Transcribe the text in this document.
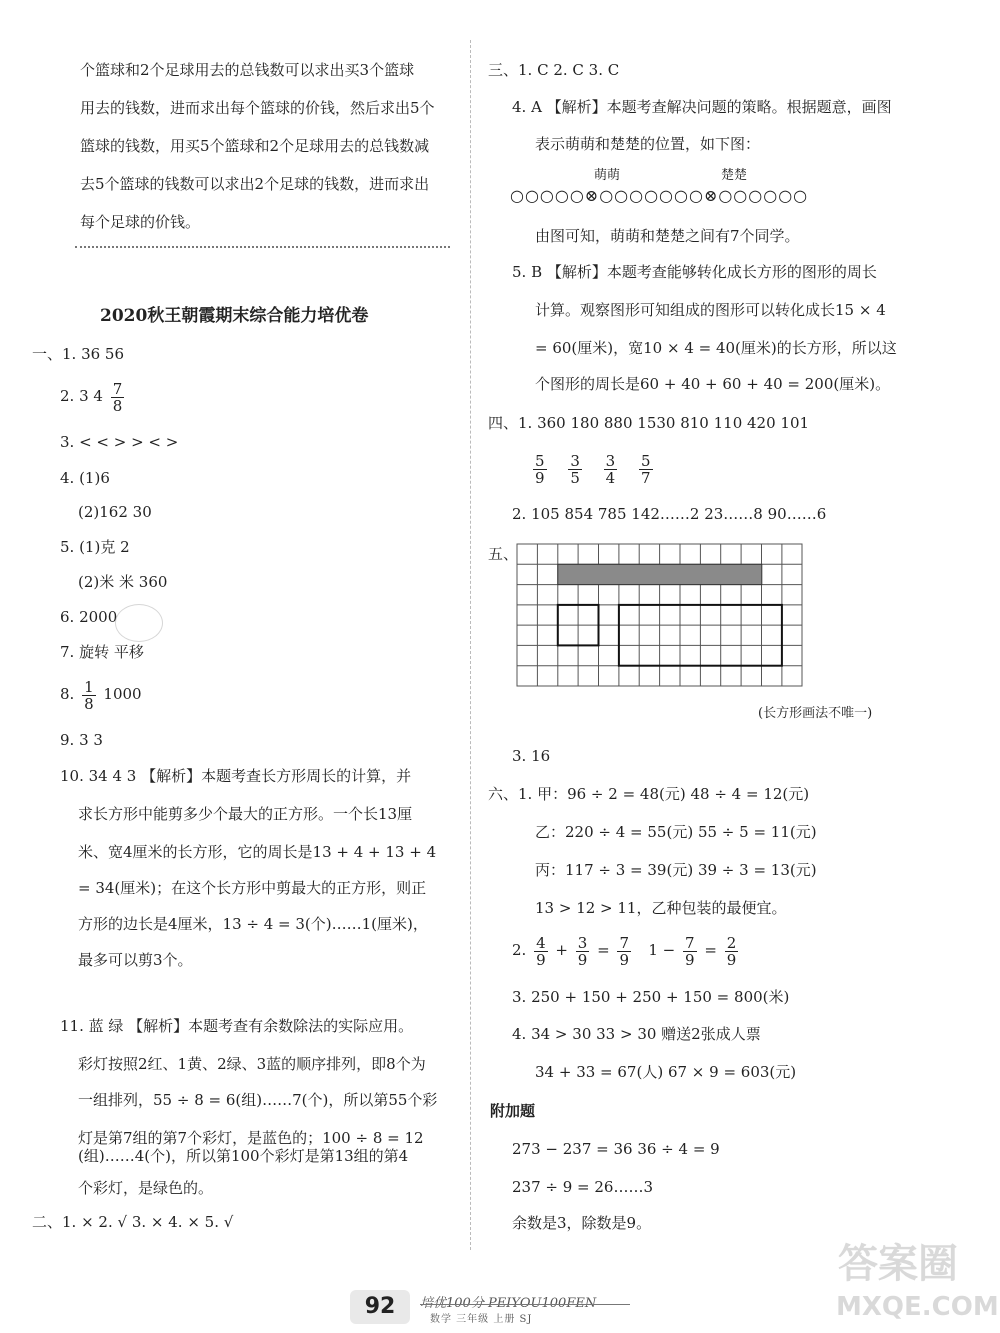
个篮球和2个足球用去的总钱数可以求出买3个篮球
用去的钱数，进而求出每个篮球的价钱，然后求出5个
篮球的钱数，用买5个篮球和2个足球用去的总钱数减
去5个篮球的钱数可以求出2个足球的钱数，进而求出
每个足球的价钱。
2020秋王朝霞期末综合能力培优卷
一、1. 36 56
2. 3 $4 \frac{7}{8}$
3. < < > > < >
4. (1)6
(2)162 30
5. (1)克 2
(2)米 米 360
6. 2000
7. 旋转 平移
8. $\frac{1}{8} 1000$
9. 3 3
10. 34 4 3 【解析】本题考查长方形周长的计算，并
求长方形中能剪多少个最大的正方形。一个长13厘
米、宽4厘米的长方形，它的周长是13 + 4 + 13 + 4
= 34(厘米)；在这个长方形中剪最大的正方形，则正
方形的边长是4厘米，13 ÷ 4 = 3(个)……1(厘米)，
最多可以剪3个。
11. 蓝 绿 【解析】本题考查有余数除法的实际应用。
彩灯按照2红、1黄、2绿、3蓝的顺序排列，即8个为
一组排列，55 ÷ 8 = 6(组)……7(个)，所以第55个彩
灯是第7组的第7个彩灯，是蓝色的；100 ÷ 8 = 12
(组)……4(个)，所以第100个彩灯是第13组的第4
个彩灯，是绿色的。
二、1. × 2. √ 3. × 4. × 5. √
三、1. C 2. C 3. C
4. A 【解析】本题考查解决问题的策略。根据题意，画图
表示萌萌和楚楚的位置，如下图：
萌萌	楚楚
○○○○○⊗○○○○○○○⊗○○○○○○
由图可知，萌萌和楚楚之间有7个同学。
5. B 【解析】本题考查能够转化成长方形的图形的周长
计算。观察图形可知组成的图形可以转化成长15 × 4
= 60(厘米)，宽10 × 4 = 40(厘米)的长方形，所以这
个图形的周长是60 + 40 + 60 + 40 = 200(厘米)。
四、1. 360 180 880 1530 810 110 420 101
$\frac{5}{9}$
$\frac{3}{5}$
$\frac{3}{4}$
$\frac{5}{7}$
2. 105 854 785 142……2 23……8 90……6
五、
(长方形画法不唯一)
3. 16
六、1. 甲：96 ÷ 2 = 48(元) 48 ÷ 4 = 12(元)
乙：220 ÷ 4 = 55(元) 55 ÷ 5 = 11(元)
丙：117 ÷ 3 = 39(元) 39 ÷ 3 = 13(元)
13 > 12 > 11，乙种包装的最便宜。
2. $\frac{4}{9} + \frac{3}{9} = \frac{7}{9} 1 - \frac{7}{9} = \frac{2}{9}$
3. 250 + 150 + 250 + 150 = 800(米)
4. 34 > 30 33 > 30 赠送2张成人票
34 + 33 = 67(人) 67 × 9 = 603(元)
附加题
273 − 237 = 36 36 ÷ 4 = 9
237 ÷ 9 = 26……3
余数是3，除数是9。
92	培优100分 PEIYOU100FEN
数学 三年级 上册 SJ
答案圈
MXQE.COM
